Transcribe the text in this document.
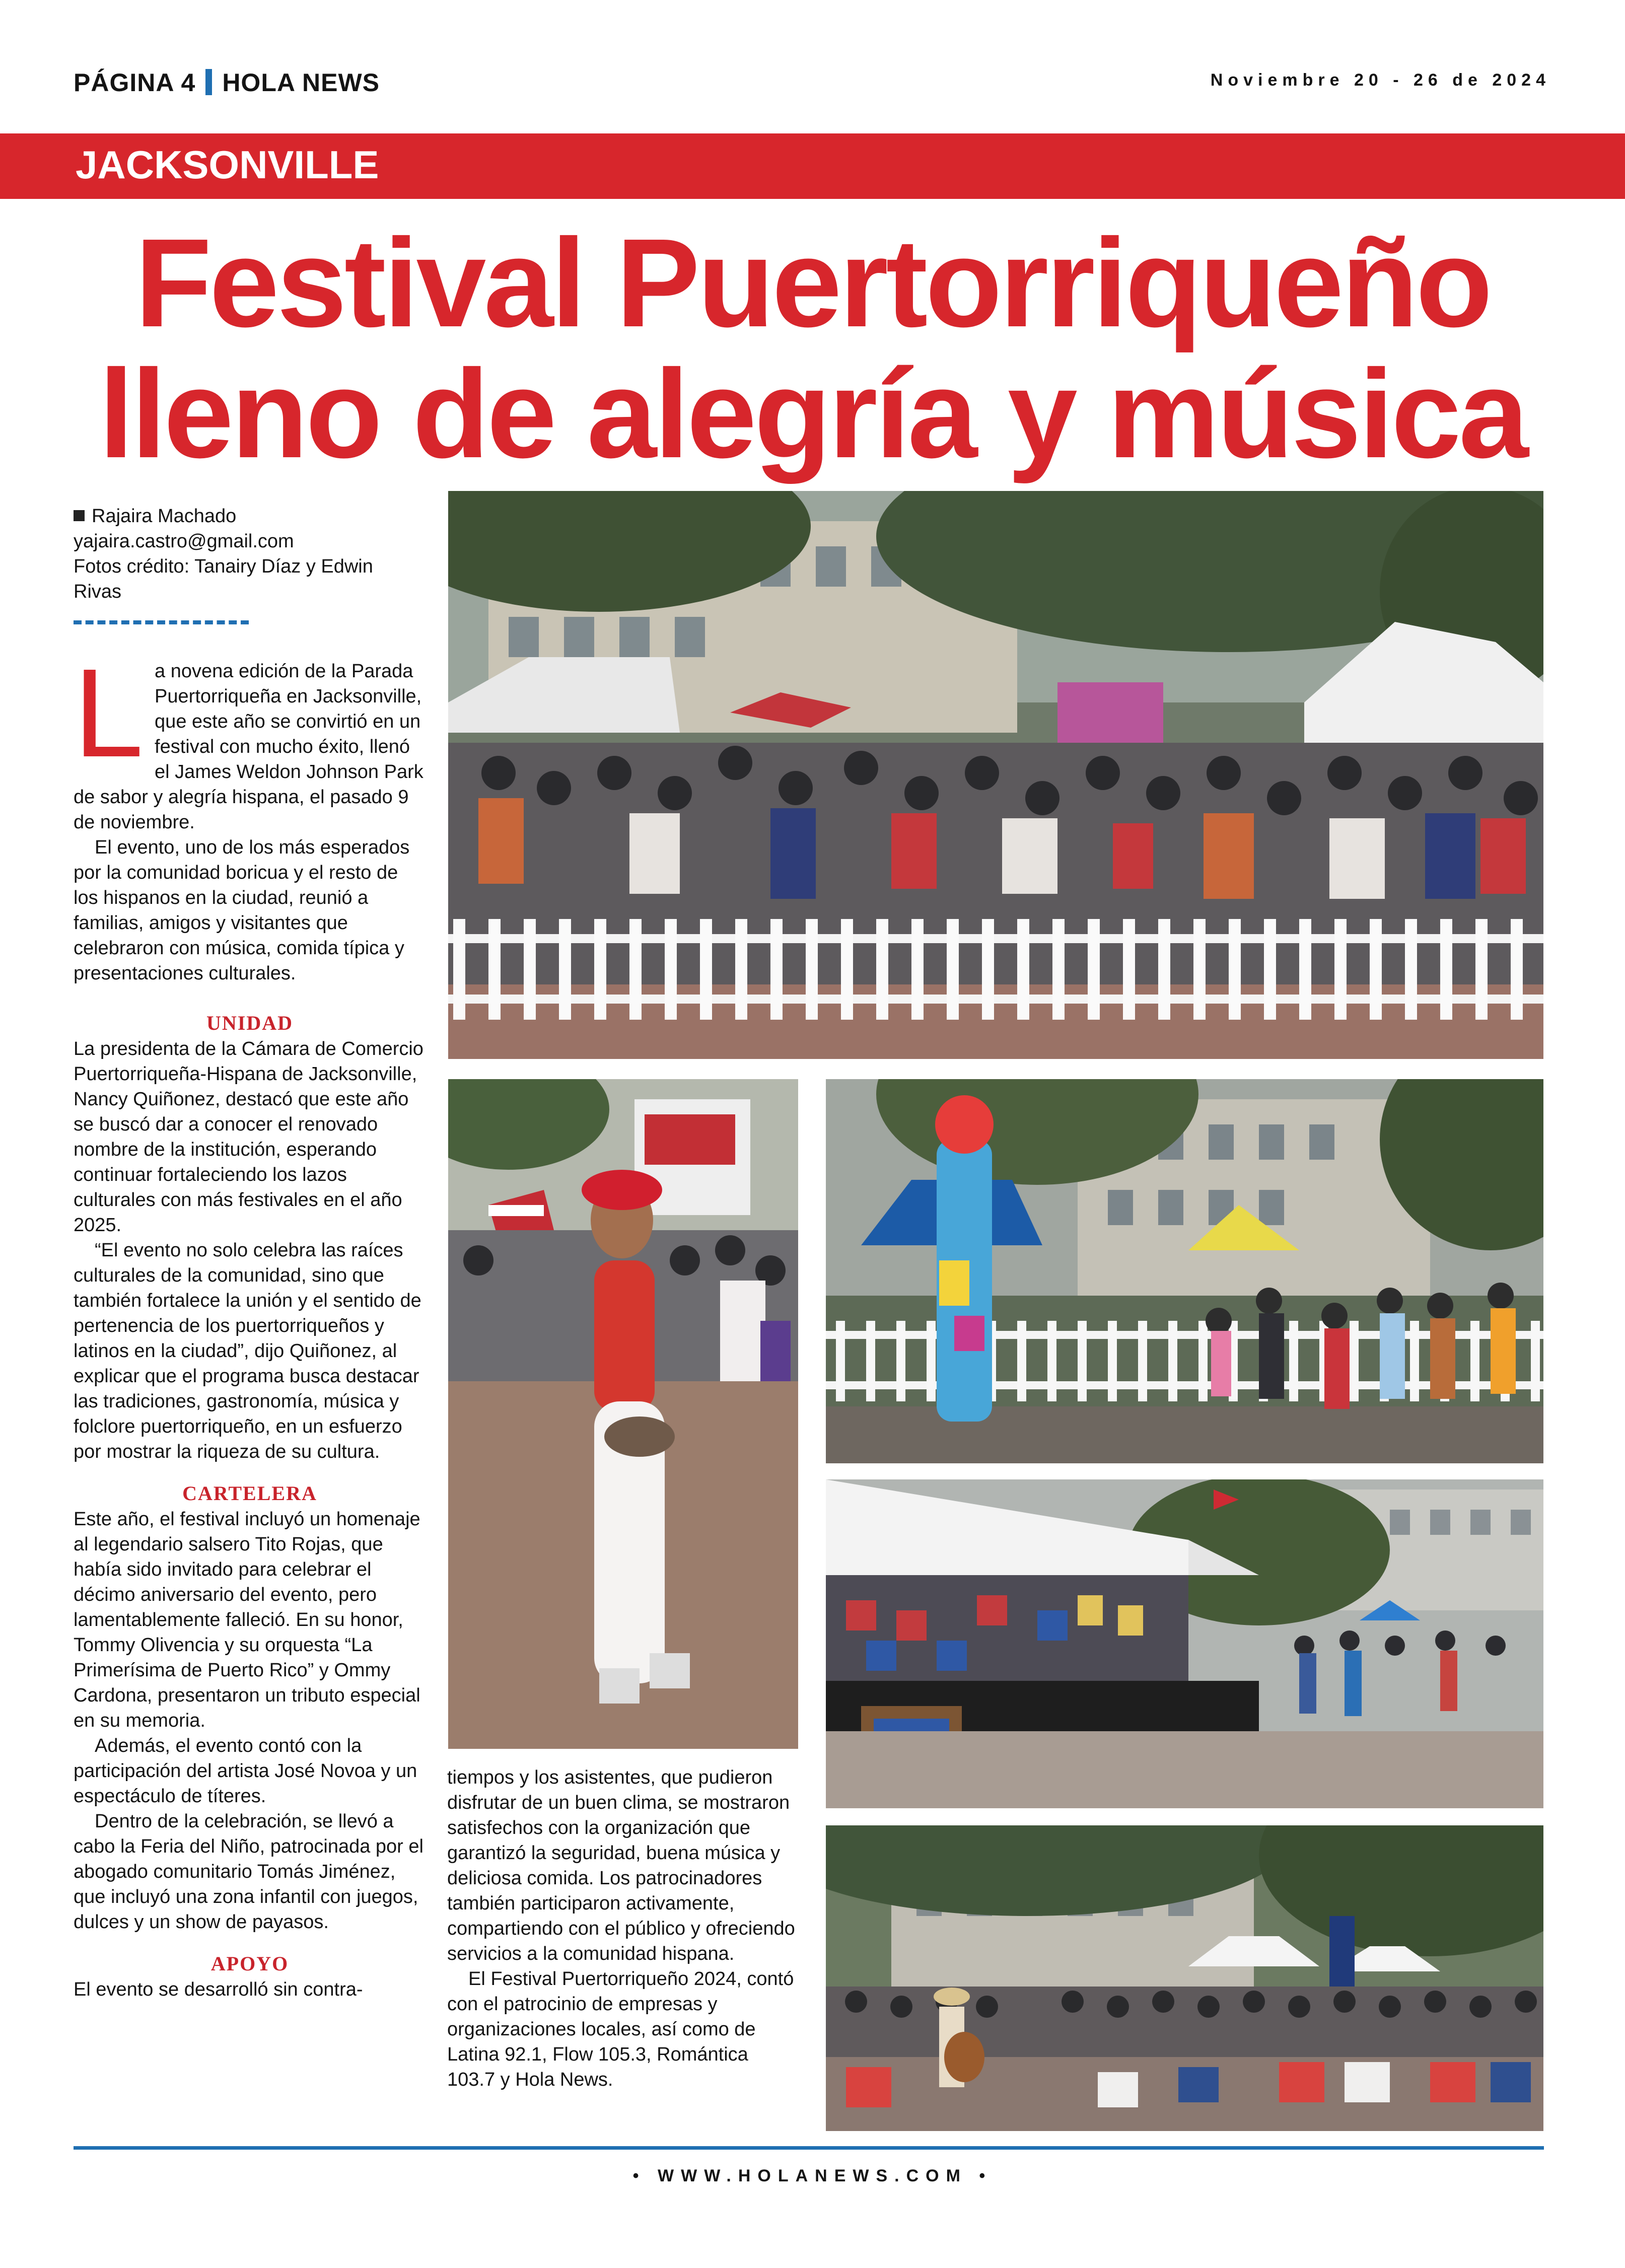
PÁGINA 4 HOLA NEWS	Noviembre 20 - 26 de 2024
JACKSONVILLE
Festival Puertorriqueño
lleno de alegría y música
Rajaira Machado
yajaira.castro@gmail.com
Fotos crédito: Tanairy Díaz y Edwin Rivas

La novena edición de la Parada Puertorriqueña en Jacksonville, que este año se convirtió en un festival con mucho éxito, llenó el James Weldon Johnson Park de sabor y alegría hispana, el pasado 9 de noviembre.

El evento, uno de los más esperados por la comunidad boricua y el resto de los hispanos en la ciudad, reunió a familias, amigos y visitantes que celebraron con música, comida típica y presentaciones culturales.

UNIDAD

La presidenta de la Cámara de Comercio Puertorriqueña-Hispana de Jacksonville, Nancy Quiñonez, destacó que este año se buscó dar a conocer el renovado nombre de la institución, esperando continuar fortaleciendo los lazos culturales con más festivales en el año 2025.

“El evento no solo celebra las raíces culturales de la comunidad, sino que también fortalece la unión y el sentido de pertenencia de los puertorriqueños y latinos en la ciudad”, dijo Quiñonez, al explicar que el programa busca destacar las tradiciones, gastronomía, música y folclore puertorriqueño, en un esfuerzo por mostrar la riqueza de su cultura.

CARTELERA

Este año, el festival incluyó un homenaje al legendario salsero Tito Rojas, que había sido invitado para celebrar el décimo aniversario del evento, pero lamentablemente falleció. En su honor, Tommy Olivencia y su orquesta “La Primerísima de Puerto Rico” y Ommy Cardona, presentaron un tributo especial en su memoria.

Además, el evento contó con la participación del artista José Novoa y un espectáculo de títeres.

Dentro de la celebración, se llevó a cabo la Feria del Niño, patrocinada por el abogado comunitario Tomás Jiménez, que incluyó una zona infantil con juegos, dulces y un show de payasos.

APOYO

El evento se desarrolló sin contra-

tiempos y los asistentes, que pudieron disfrutar de un buen clima, se mostraron satisfechos con la organización que garantizó la seguridad, buena música y deliciosa comida. Los patrocinadores también participaron activamente, compartiendo con el público y ofreciendo servicios a la comunidad hispana.

El Festival Puertorriqueño 2024, contó con el patrocinio de empresas y organizaciones locales, así como de Latina 92.1, Flow 105.3, Romántica 103.7 y Hola News.

• WWW.HOLANEWS.COM •
